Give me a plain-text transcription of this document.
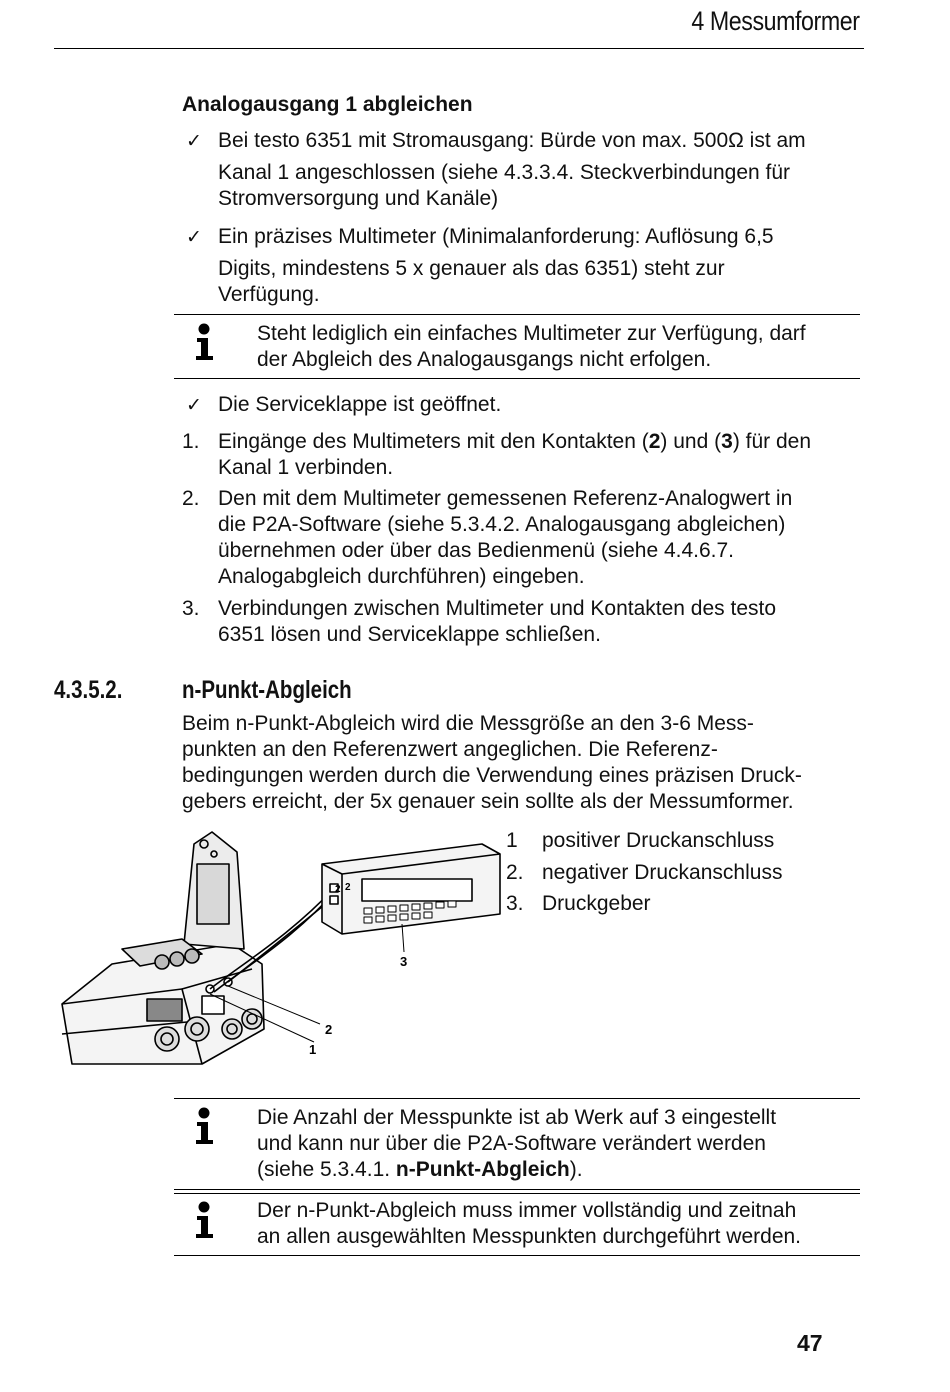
4 Messumformer
Analogausgang 1 abgleichen
✓ Bei testo 6351 mit Stromausgang: Bürde von max. 500Ω ist am
Kanal 1 angeschlossen (siehe 4.3.3.4. Steckverbindungen für
Stromversorgung und Kanäle)
✓ Ein präzises Multimeter (Minimalanforderung: Auflösung 6,5
Digits, mindestens 5 x genauer als das 6351) steht zur
Verfügung.
Steht lediglich ein einfaches Multimeter zur Verfügung, darf
der Abgleich des Analogausgangs nicht erfolgen.
✓ Die Serviceklappe ist geöffnet.
1. Eingänge des Multimeters mit den Kontakten (2) und (3) für den
Kanal 1 verbinden.
2. Den mit dem Multimeter gemessenen Referenz-Analogwert in
die P2A-Software (siehe 5.3.4.2. Analogausgang abgleichen)
übernehmen oder über das Bedienmenü (siehe 4.4.6.7.
Analogabgleich durchführen) eingeben.
3. Verbindungen zwischen Multimeter und Kontakten des testo
6351 lösen und Serviceklappe schließen.
4.3.5.2. n-Punkt-Abgleich
Beim n-Punkt-Abgleich wird die Messgröße an den 3-6 Mess-
punkten an den Referenzwert angeglichen. Die Referenz-
bedingungen werden durch die Verwendung eines präzisen Druck-
gebers erreicht, der 5x genauer sein sollte als der Messumformer.
1
2
3
2 2
1 positiver Druckanschluss
2. negativer Druckanschluss
3. Druckgeber
Die Anzahl der Messpunkte ist ab Werk auf 3 eingestellt
und kann nur über die P2A-Software verändert werden
(siehe 5.3.4.1. n-Punkt-Abgleich).
Der n-Punkt-Abgleich muss immer vollständig und zeitnah
an allen ausgewählten Messpunkten durchgeführt werden.
47
